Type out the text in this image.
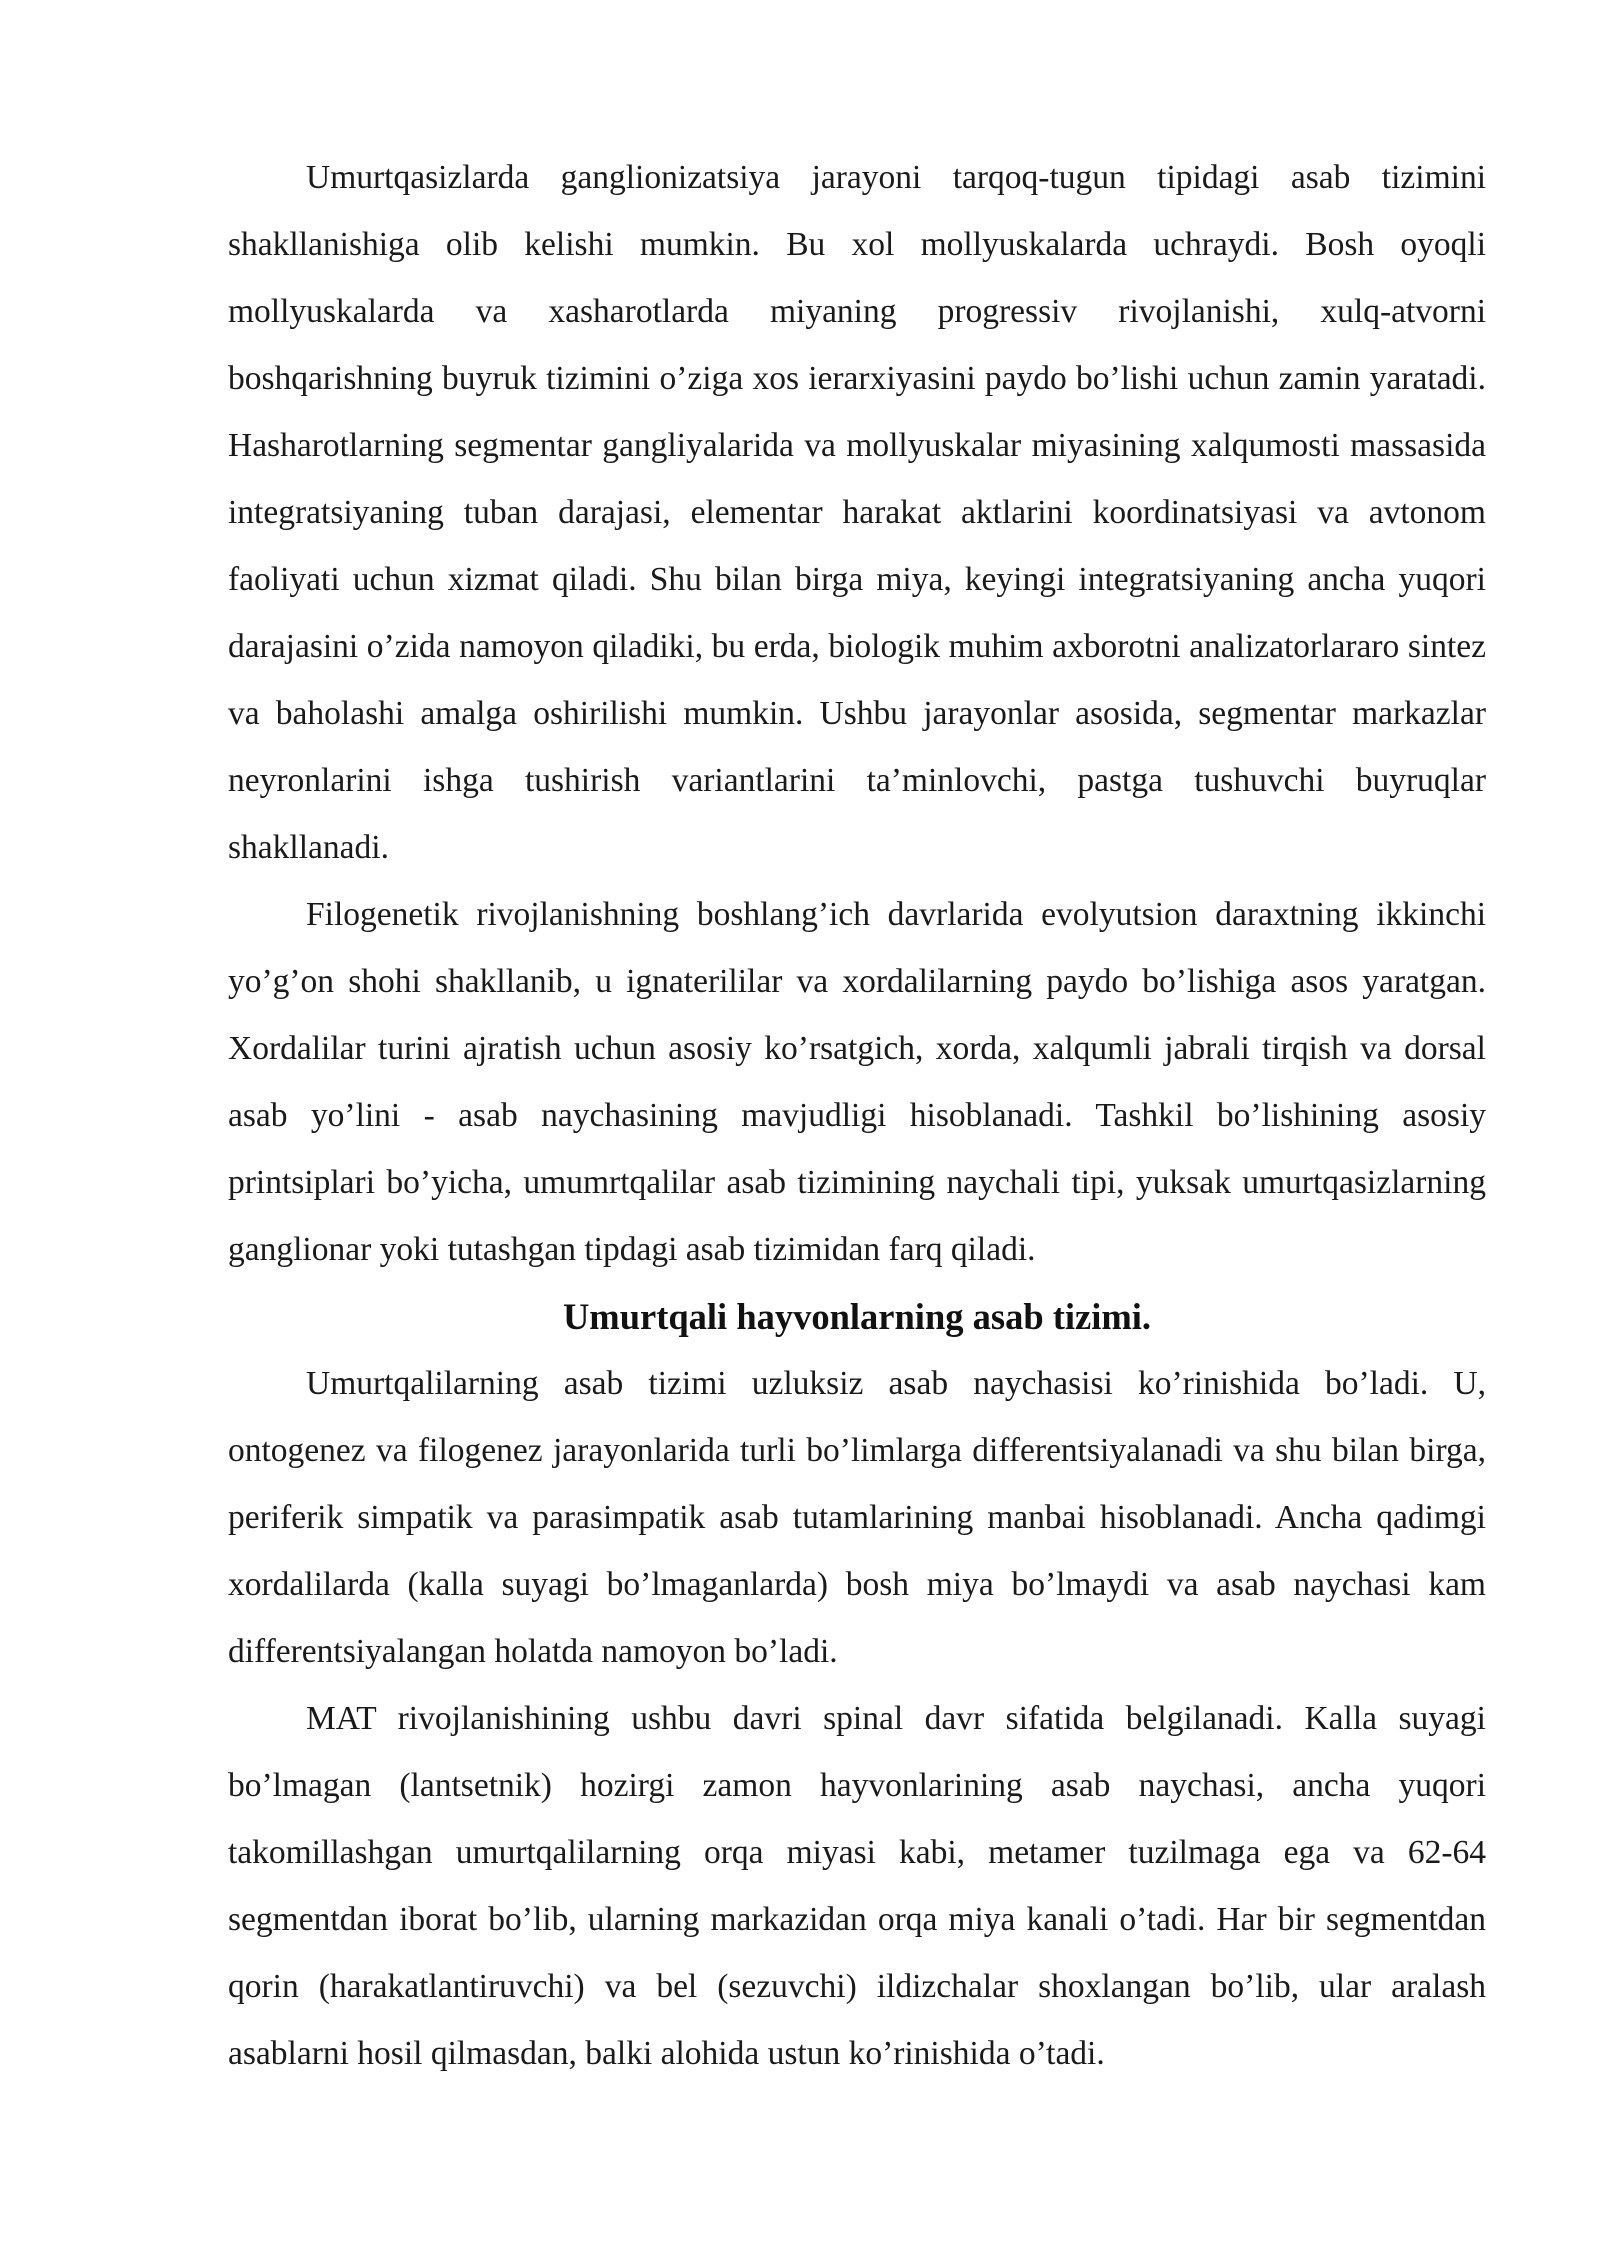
Umurtqasizlarda ganglionizatsiya jarayoni tarqoq-tugun tipidagi asab tizimini shakllanishiga olib kelishi mumkin. Bu xol mollyuskalarda uchraydi. Bosh oyoqli mollyuskalarda va xasharotlarda miyaning progressiv rivojlanishi, xulq-atvorni boshqarishning buyruk tizimini o’ziga xos ierarxiyasini paydo bo’lishi uchun zamin yaratadi. Hasharotlarning segmentar gangliyalarida va mollyuskalar miyasining xalqumosti massasida integratsiyaning tuban darajasi, elementar harakat aktlarini koordinatsiyasi va avtonom faoliyati uchun xizmat qiladi. Shu bilan birga miya, keyingi integratsiyaning ancha yuqori darajasini o’zida namoyon qiladiki, bu erda, biologik muhim axborotni analizatorlararo sintez va baholashi amalga oshirilishi mumkin. Ushbu jarayonlar asosida, segmentar markazlar neyronlarini ishga tushirish variantlarini ta’minlovchi, pastga tushuvchi buyruqlar shakllanadi.

Filogenetik rivojlanishning boshlang’ich davrlarida evolyutsion daraxtning ikkinchi yo’g’on shohi shakllanib, u ignaterililar va xordalilarning paydo bo’lishiga asos yaratgan. Xordalilar turini ajratish uchun asosiy ko’rsatgich, xorda, xalqumli jabrali tirqish va dorsal asab yo’lini - asab naychasining mavjudligi hisoblanadi. Tashkil bo’lishining asosiy printsiplari bo’yicha, umumrtqalilar asab tizimining naychali tipi, yuksak umurtqasizlarning ganglionar yoki tutashgan tipdagi asab tizimidan farq qiladi.

Umurtqali hayvonlarning asab tizimi.

Umurtqalilarning asab tizimi uzluksiz asab naychasisi ko’rinishida bo’ladi. U, ontogenez va filogenez jarayonlarida turli bo’limlarga differentsiyalanadi va shu bilan birga, periferik simpatik va parasimpatik asab tutamlarining manbai hisoblanadi. Ancha qadimgi xordalilarda (kalla suyagi bo’lmaganlarda) bosh miya bo’lmaydi va asab naychasi kam differentsiyalangan holatda namoyon bo’ladi.

MAT rivojlanishining ushbu davri spinal davr sifatida belgilanadi. Kalla suyagi bo’lmagan (lantsetnik) hozirgi zamon hayvonlarining asab naychasi, ancha yuqori takomillashgan umurtqalilarning orqa miyasi kabi, metamer tuzilmaga ega va 62-64 segmentdan iborat bo’lib, ularning markazidan orqa miya kanali o’tadi. Har bir segmentdan qorin (harakatlantiruvchi) va bel (sezuvchi) ildizchalar shoxlangan bo’lib, ular aralash asablarni hosil qilmasdan, balki alohida ustun ko’rinishida o’tadi.
